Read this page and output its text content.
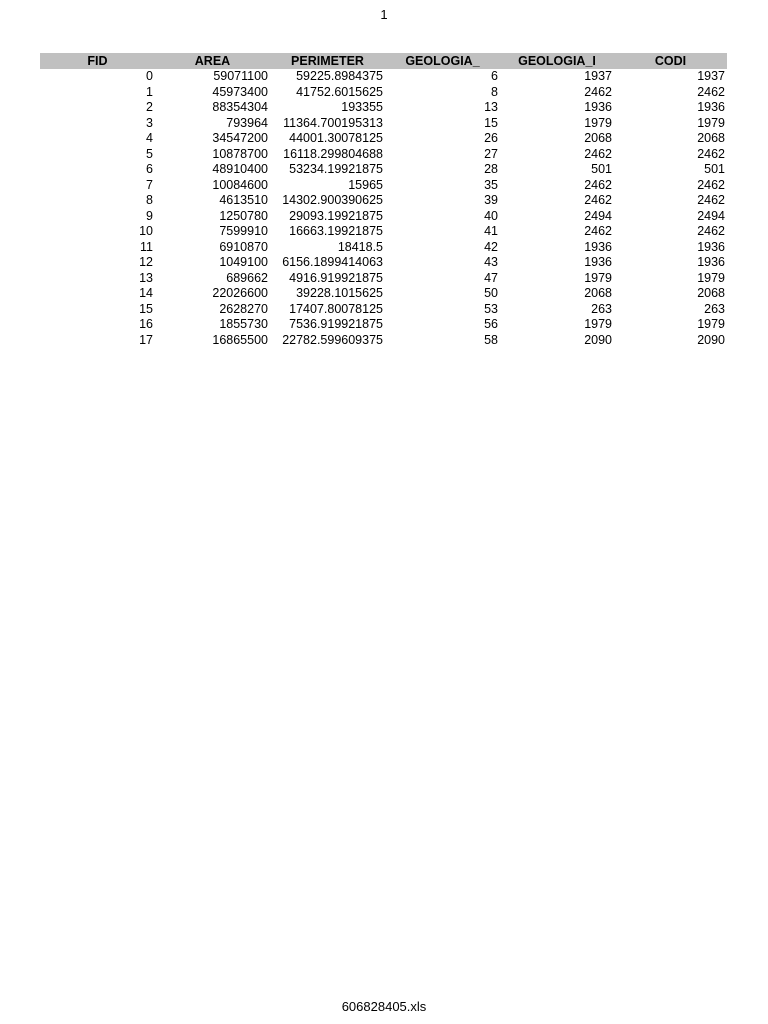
1
FID	AREA	PERIMETER	GEOLOGIA_	GEOLOGIA_I	CODI
0	59071100	59225.8984375	6	1937	1937
1	45973400	41752.6015625	8	2462	2462
2	88354304	193355	13	1936	1936
3	793964	11364.700195313	15	1979	1979
4	34547200	44001.30078125	26	2068	2068
5	10878700	16118.299804688	27	2462	2462
6	48910400	53234.19921875	28	501	501
7	10084600	15965	35	2462	2462
8	4613510	14302.900390625	39	2462	2462
9	1250780	29093.19921875	40	2494	2494
10	7599910	16663.19921875	41	2462	2462
11	6910870	18418.5	42	1936	1936
12	1049100	6156.1899414063	43	1936	1936
13	689662	4916.919921875	47	1979	1979
14	22026600	39228.1015625	50	2068	2068
15	2628270	17407.80078125	53	263	263
16	1855730	7536.919921875	56	1979	1979
17	16865500	22782.599609375	58	2090	2090
606828405.xls
